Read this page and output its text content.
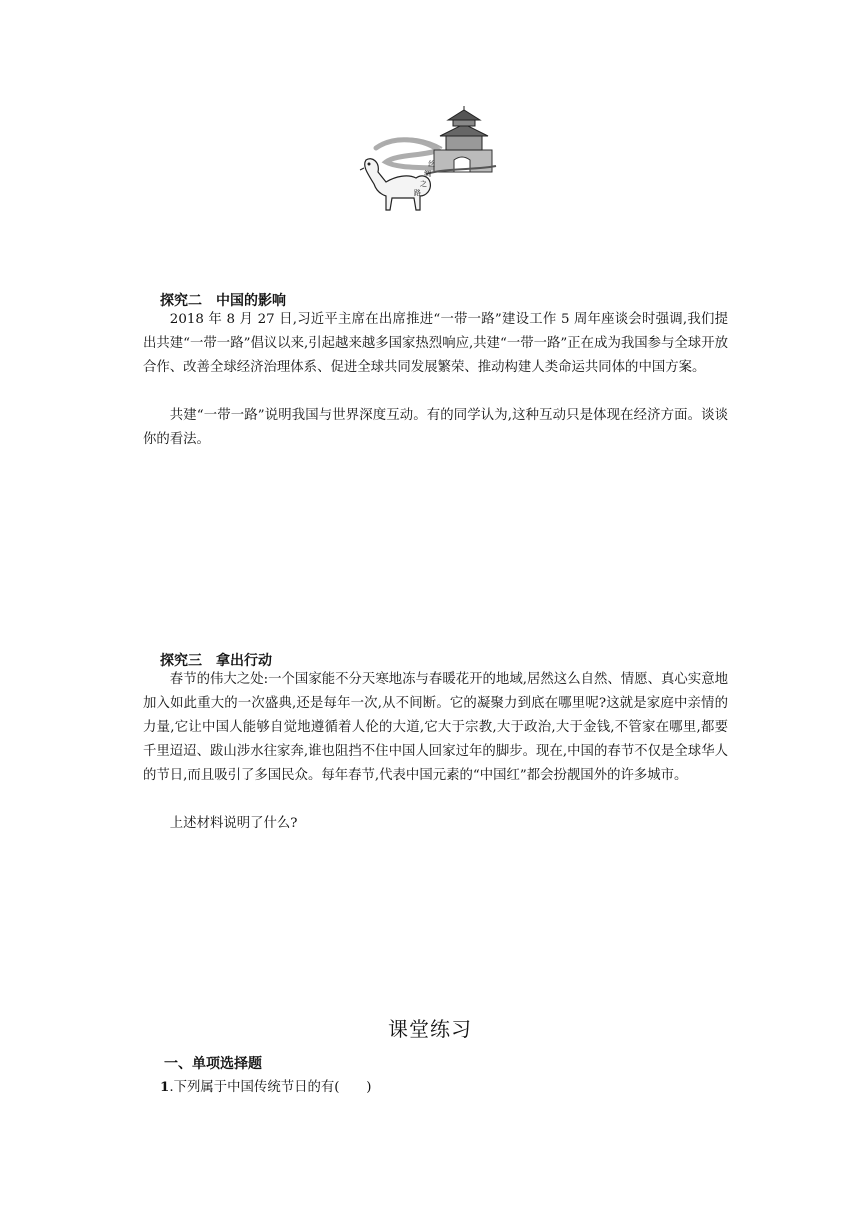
丝
绸
之
路
探究二　中国的影响

2018 年 8 月 27 日,习近平主席在出席推进“一带一路”建设工作 5 周年座谈会时强调,我们提出共建“一带一路”倡议以来,引起越来越多国家热烈响应,共建“一带一路”正在成为我国参与全球开放合作、改善全球经济治理体系、促进全球共同发展繁荣、推动构建人类命运共同体的中国方案。

共建“一带一路”说明我国与世界深度互动。有的同学认为,这种互动只是体现在经济方面。谈谈你的看法。

探究三　拿出行动

春节的伟大之处:一个国家能不分天寒地冻与春暖花开的地域,居然这么自然、情愿、真心实意地加入如此重大的一次盛典,还是每年一次,从不间断。它的凝聚力到底在哪里呢?这就是家庭中亲情的力量,它让中国人能够自觉地遵循着人伦的大道,它大于宗教,大于政治,大于金钱,不管家在哪里,都要千里迢迢、跋山涉水往家奔,谁也阻挡不住中国人回家过年的脚步。现在,中国的春节不仅是全球华人的节日,而且吸引了多国民众。每年春节,代表中国元素的“中国红”都会扮靓国外的许多城市。

上述材料说明了什么?

课堂练习
一、单项选择题
1.下列属于中国传统节日的有(　　)
